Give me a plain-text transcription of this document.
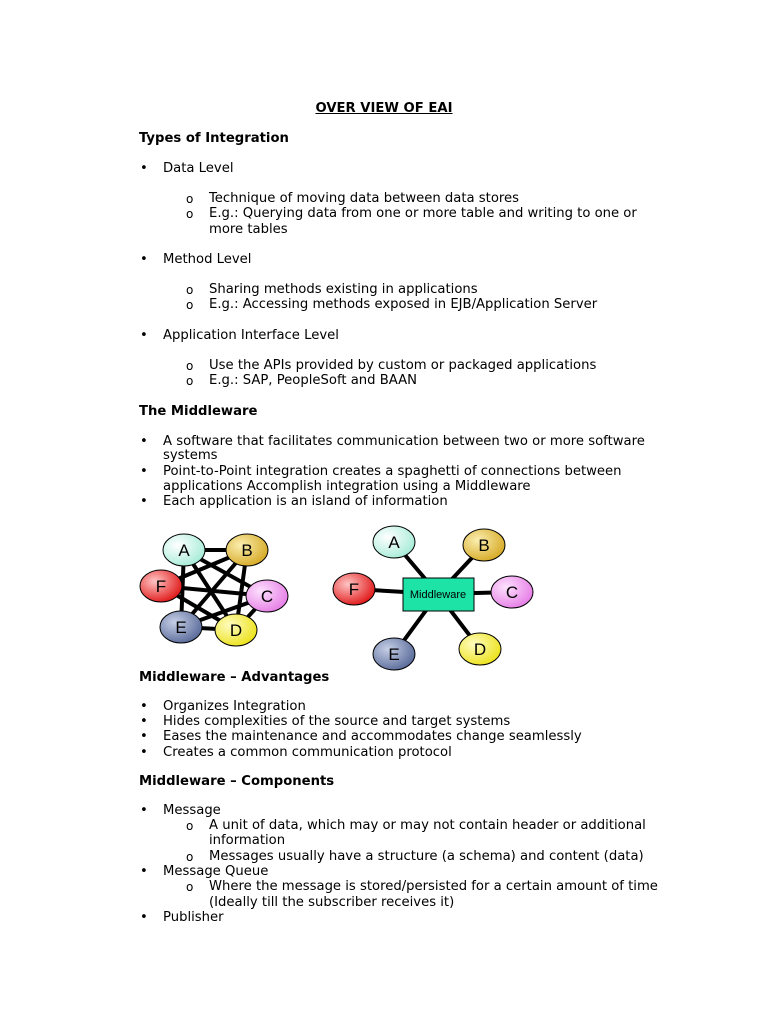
OVER VIEW OF EAI
Types of Integration
• Data Level
o Technique of moving data between data stores
o E.g.: Querying data from one or more table and writing to one or
more tables
• Method Level
o Sharing methods existing in applications
o E.g.: Accessing methods exposed in EJB/Application Server
• Application Interface Level
o Use the APIs provided by custom or packaged applications
o E.g.: SAP, PeopleSoft and BAAN
The Middleware
• A software that facilitates communication between two or more software
systems
• Point-to-Point integration creates a spaghetti of connections between
applications Accomplish integration using a Middleware
• Each application is an island of information
A	B
C
D
E
F
A	B
C
D
E
F	Middleware
Middleware – Advantages
• Organizes Integration
• Hides complexities of the source and target systems
• Eases the maintenance and accommodates change seamlessly
• Creates a common communication protocol
Middleware – Components
• Message
o A unit of data, which may or may not contain header or additional
information
o Messages usually have a structure (a schema) and content (data)
• Message Queue
o Where the message is stored/persisted for a certain amount of time
(Ideally till the subscriber receives it)
• Publisher
